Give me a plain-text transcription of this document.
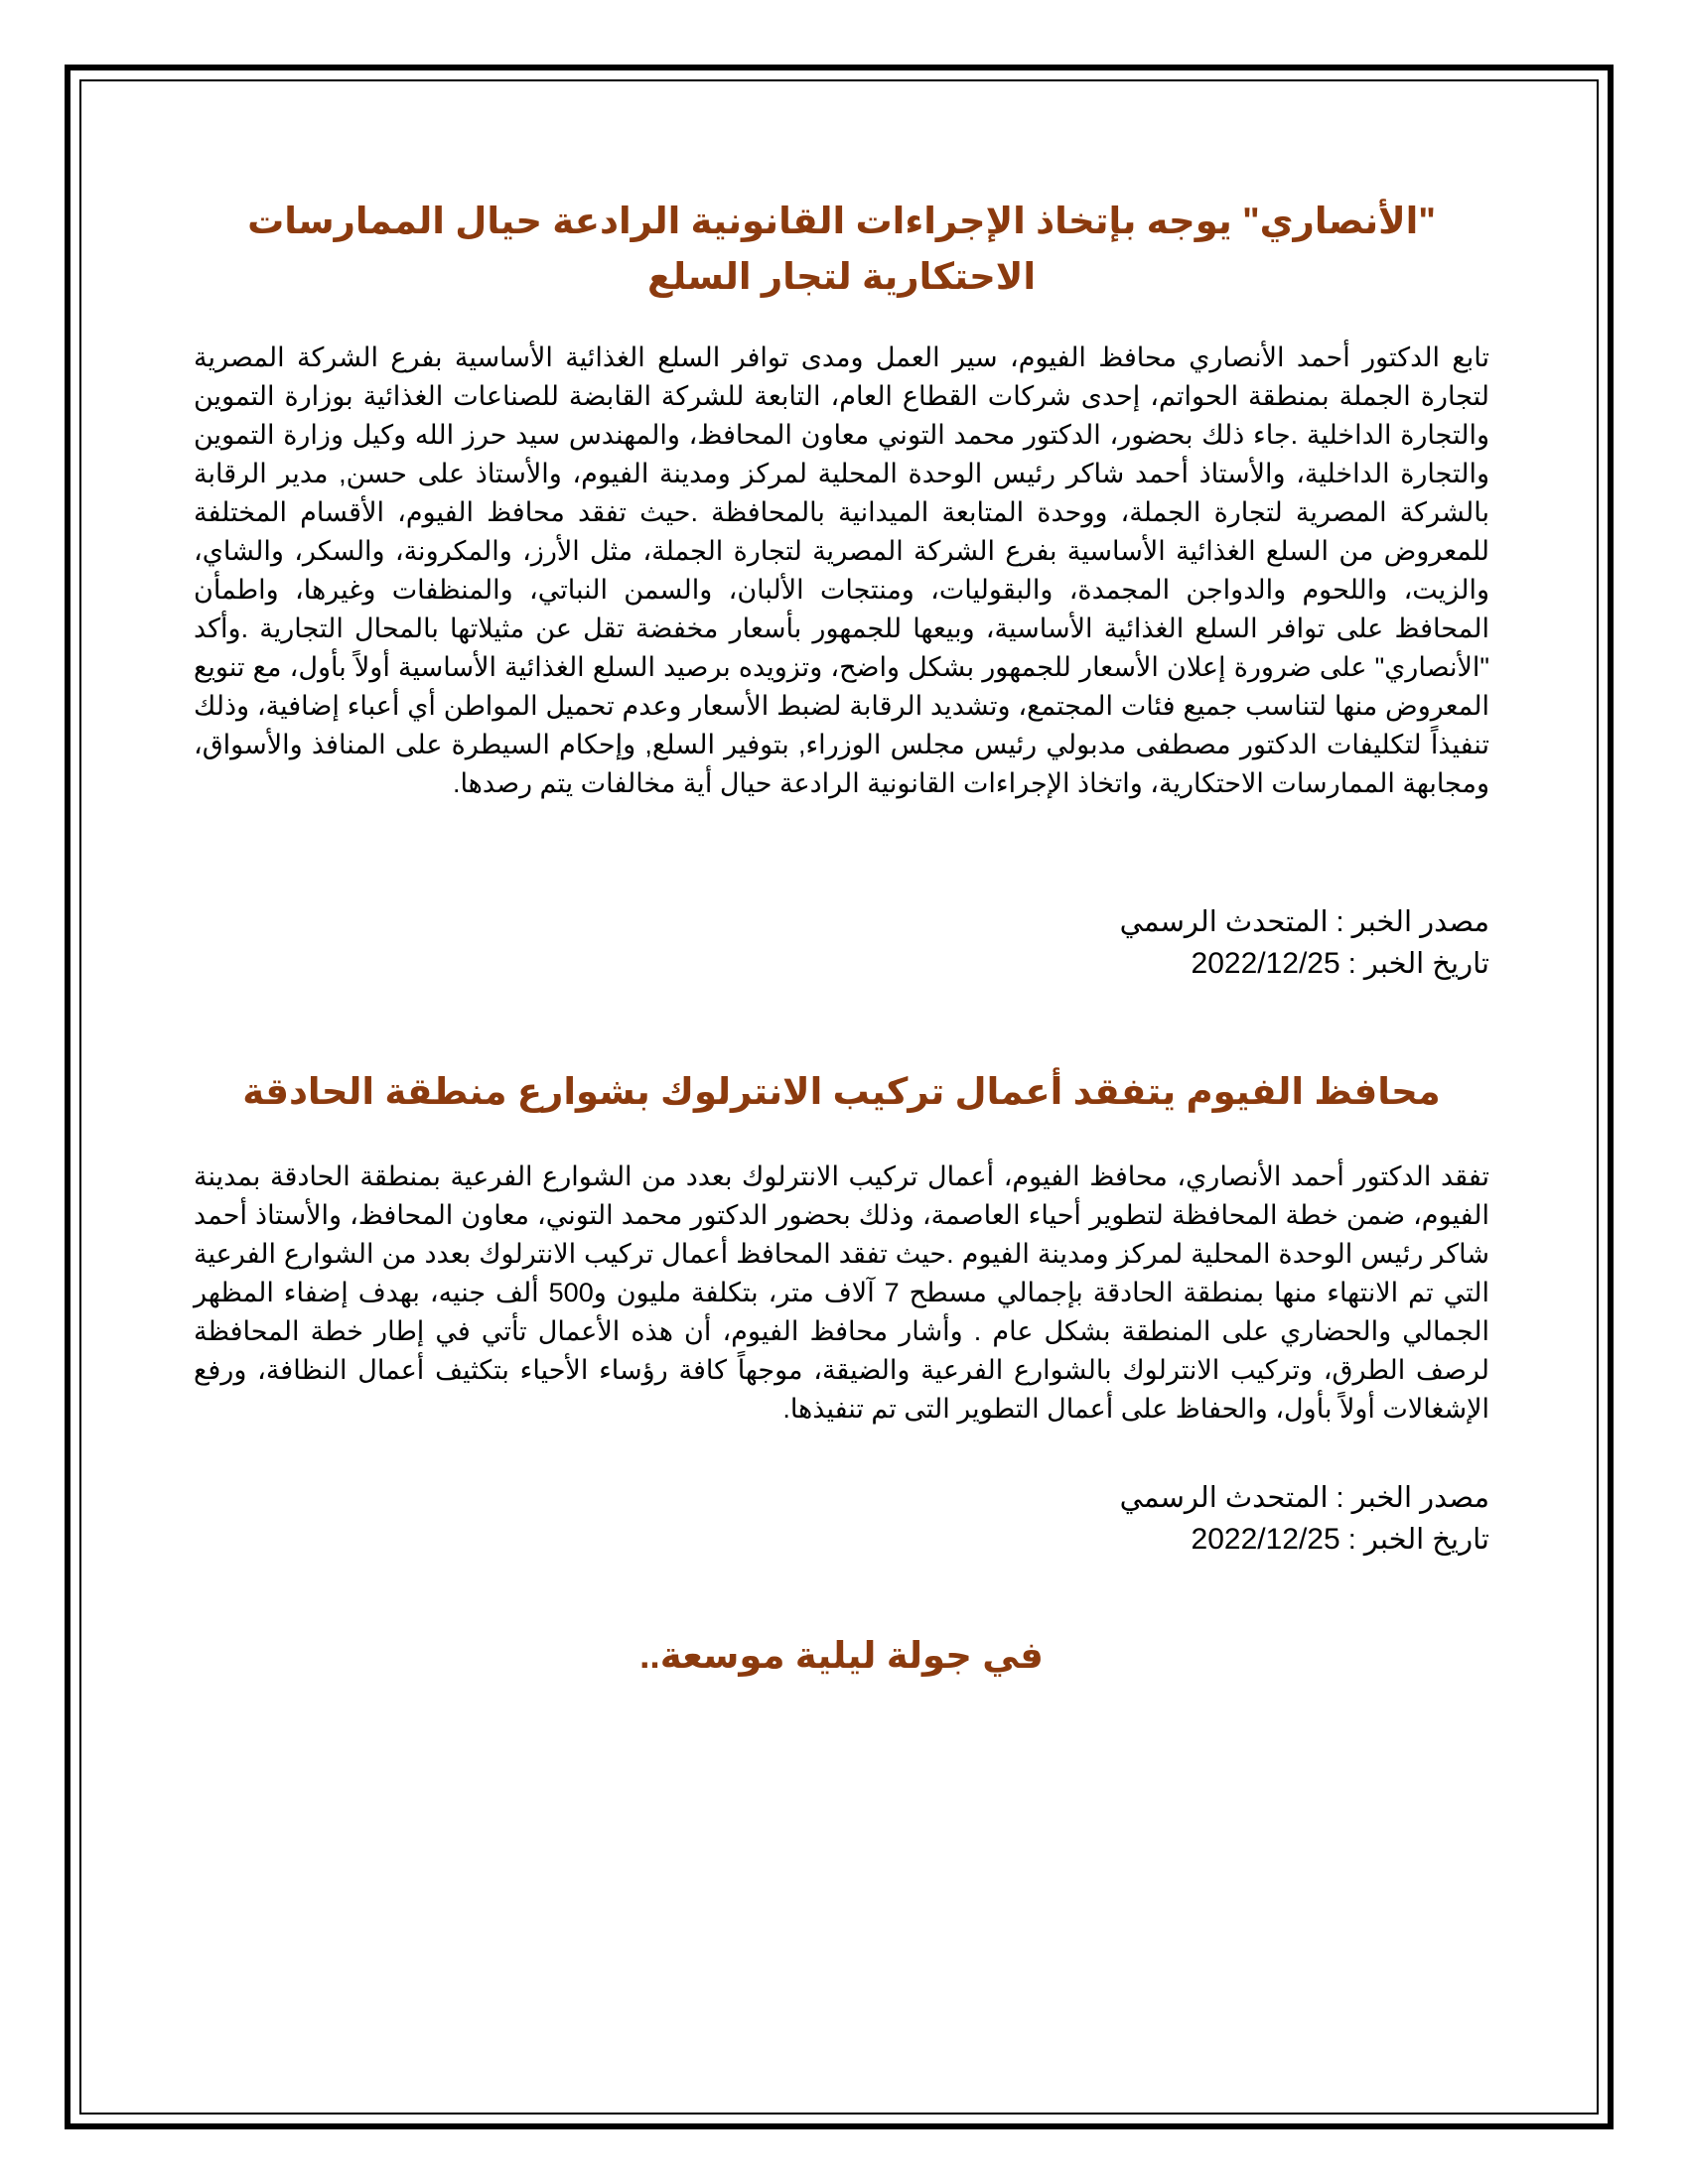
"الأنصاري" يوجه بإتخاذ الإجراءات القانونية الرادعة حيال الممارسات الاحتكارية لتجار السلع

تابع الدكتور أحمد الأنصاري محافظ الفيوم، سير العمل ومدى توافر السلع الغذائية الأساسية بفرع الشركة المصرية لتجارة الجملة بمنطقة الحواتم، إحدى شركات القطاع العام، التابعة للشركة القابضة للصناعات الغذائية بوزارة التموين والتجارة الداخلية .جاء ذلك بحضور، الدكتور محمد التوني معاون المحافظ، والمهندس سيد حرز الله وكيل وزارة التموين والتجارة الداخلية، والأستاذ أحمد شاكر رئيس الوحدة المحلية لمركز ومدينة الفيوم، والأستاذ على حسن, مدير الرقابة بالشركة المصرية لتجارة الجملة، ووحدة المتابعة الميدانية بالمحافظة .حيث تفقد محافظ الفيوم، الأقسام المختلفة للمعروض من السلع الغذائية الأساسية بفرع الشركة المصرية لتجارة الجملة، مثل الأرز، والمكرونة، والسكر، والشاي، والزيت، واللحوم والدواجن المجمدة، والبقوليات، ومنتجات الألبان، والسمن النباتي، والمنظفات وغيرها، واطمأن المحافظ على توافر السلع الغذائية الأساسية، وبيعها للجمهور بأسعار مخفضة تقل عن مثيلاتها بالمحال التجارية .وأكد "الأنصاري" على ضرورة إعلان الأسعار للجمهور بشكل واضح، وتزويده برصيد السلع الغذائية الأساسية أولاً بأول، مع تنويع المعروض منها لتناسب جميع فئات المجتمع، وتشديد الرقابة لضبط الأسعار وعدم تحميل المواطن أي أعباء إضافية، وذلك تنفيذاً لتكليفات الدكتور مصطفى مدبولي رئيس مجلس الوزراء, بتوفير السلع, وإحكام السيطرة على المنافذ والأسواق، ومجابهة الممارسات الاحتكارية، واتخاذ الإجراءات القانونية الرادعة حيال أية مخالفات يتم رصدها.

مصدر الخبر : المتحدث الرسمي

تاريخ الخبر : 2022/12/25

محافظ الفيوم يتفقد أعمال تركيب الانترلوك بشوارع منطقة الحادقة

تفقد الدكتور أحمد الأنصاري، محافظ الفيوم، أعمال تركيب الانترلوك بعدد من الشوارع الفرعية بمنطقة الحادقة بمدينة الفيوم، ضمن خطة المحافظة لتطوير أحياء العاصمة، وذلك بحضور الدكتور محمد التوني، معاون المحافظ، والأستاذ أحمد شاكر رئيس الوحدة المحلية لمركز ومدينة الفيوم .حيث تفقد المحافظ أعمال تركيب الانترلوك بعدد من الشوارع الفرعية التي تم الانتهاء منها بمنطقة الحادقة بإجمالي مسطح 7 آلاف متر، بتكلفة مليون و500 ألف جنيه، بهدف إضفاء المظهر الجمالي والحضاري على المنطقة بشكل عام . وأشار محافظ الفيوم، أن هذه الأعمال تأتي في إطار خطة المحافظة لرصف الطرق، وتركيب الانترلوك بالشوارع الفرعية والضيقة، موجهاً كافة رؤساء الأحياء بتكثيف أعمال النظافة، ورفع الإشغالات أولاً بأول، والحفاظ على أعمال التطوير التى تم تنفيذها.

مصدر الخبر : المتحدث الرسمي

تاريخ الخبر : 2022/12/25

في جولة ليلية موسعة..
